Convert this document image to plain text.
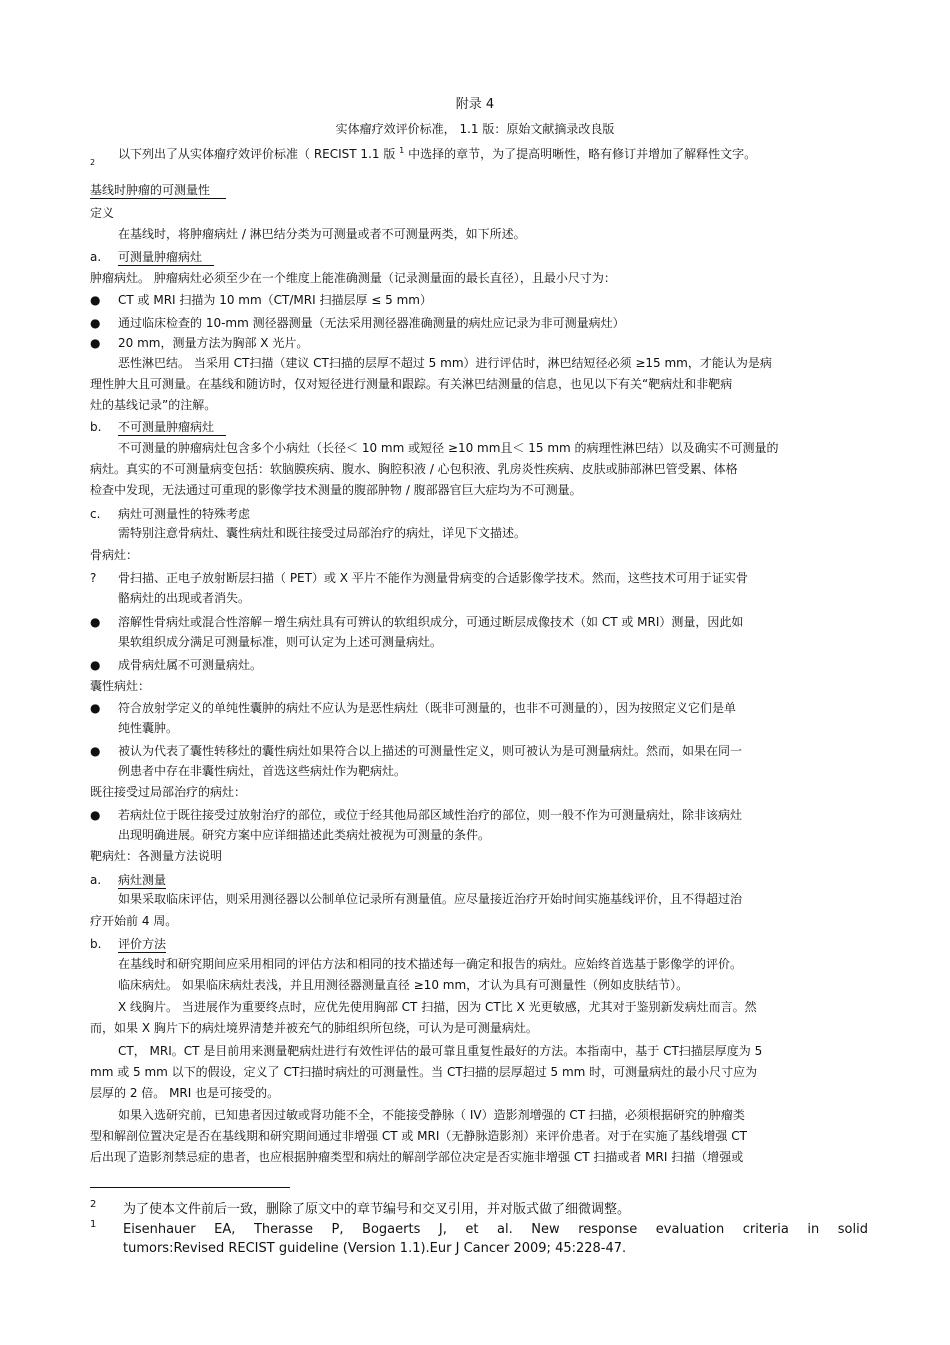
附录 4
实体瘤疗效评价标准， 1.1 版：原始文献摘录改良版
以下列出了从实体瘤疗效评价标准（ RECIST 1.1 版 $^1$ 中选择的章节，为了提高明晰性，略有修订并增加了解释性文字。
2
基线时肿瘤的可测量性
定义
在基线时，将肿瘤病灶 / 淋巴结分类为可测量或者不可测量两类，如下所述。
a. 可测量肿瘤病灶
肿瘤病灶。 肿瘤病灶必须至少在一个维度上能准确测量（记录测量面的最长直径），且最小尺寸为：
● CT 或 MRI 扫描为 10 mm（CT/MRI 扫描层厚 ≤ 5 mm）
● 通过临床检查的 10-mm 测径器测量（无法采用测径器准确测量的病灶应记录为非可测量病灶）
● 20 mm，测量方法为胸部 X 光片。
恶性淋巴结。 当采用 CT扫描（建议 CT扫描的层厚不超过 5 mm）进行评估时，淋巴结短径必须 ≥15 mm，才能认为是病
理性肿大且可测量。在基线和随访时，仅对短径进行测量和跟踪。有关淋巴结测量的信息，也见以下有关“靶病灶和非靶病
灶的基线记录”的注解。
b. 不可测量肿瘤病灶
不可测量的肿瘤病灶包含多个小病灶（长径＜ 10 mm 或短径 ≥10 mm且＜ 15 mm 的病理性淋巴结）以及确实不可测量的
病灶。真实的不可测量病变包括：软脑膜疾病、腹水、胸腔积液 / 心包积液、乳房炎性疾病、皮肤或肺部淋巴管受累、体格
检查中发现，无法通过可重现的影像学技术测量的腹部肿物 / 腹部器官巨大症均为不可测量。
c. 病灶可测量性的特殊考虑
需特别注意骨病灶、囊性病灶和既往接受过局部治疗的病灶，详见下文描述。
骨病灶：
? 骨扫描、正电子放射断层扫描（ PET）或 X 平片不能作为测量骨病变的合适影像学技术。然而，这些技术可用于证实骨
骼病灶的出现或者消失。
● 溶解性骨病灶或混合性溶解－增生病灶具有可辨认的软组织成分，可通过断层成像技术（如 CT 或 MRI）测量，因此如
果软组织成分满足可测量标准，则可认定为上述可测量病灶。
● 成骨病灶属不可测量病灶。
囊性病灶：
● 符合放射学定义的单纯性囊肿的病灶不应认为是恶性病灶（既非可测量的，也非不可测量的），因为按照定义它们是单
纯性囊肿。
● 被认为代表了囊性转移灶的囊性病灶如果符合以上描述的可测量性定义，则可被认为是可测量病灶。然而，如果在同一
例患者中存在非囊性病灶，首选这些病灶作为靶病灶。
既往接受过局部治疗的病灶：
● 若病灶位于既往接受过放射治疗的部位，或位于经其他局部区域性治疗的部位，则一般不作为可测量病灶，除非该病灶
出现明确进展。研究方案中应详细描述此类病灶被视为可测量的条件。
靶病灶：各测量方法说明
a. 病灶测量
如果采取临床评估，则采用测径器以公制单位记录所有测量值。应尽量接近治疗开始时间实施基线评价，且不得超过治
疗开始前 4 周。
b. 评价方法
在基线时和研究期间应采用相同的评估方法和相同的技术描述每一确定和报告的病灶。应始终首选基于影像学的评价。
临床病灶。 如果临床病灶表浅，并且用测径器测量直径 ≥10 mm，才认为具有可测量性（例如皮肤结节）。
X 线胸片。 当进展作为重要终点时，应优先使用胸部 CT 扫描，因为 CT比 X 光更敏感，尤其对于鉴别新发病灶而言。然
而，如果 X 胸片下的病灶境界清楚并被充气的肺组织所包绕，可认为是可测量病灶。
CT， MRI。CT 是目前用来测量靶病灶进行有效性评估的最可靠且重复性最好的方法。本指南中，基于 CT扫描层厚度为 5
mm 或 5 mm 以下的假设，定义了 CT扫描时病灶的可测量性。当 CT扫描的层厚超过 5 mm 时，可测量病灶的最小尺寸应为
层厚的 2 倍。 MRI 也是可接受的。
如果入选研究前，已知患者因过敏或肾功能不全，不能接受静脉（ IV）造影剂增强的 CT 扫描，必须根据研究的肿瘤类
型和解剖位置决定是否在基线期和研究期间通过非增强 CT 或 MRI（无静脉造影剂）来评价患者。对于在实施了基线增强 CT
后出现了造影剂禁忌症的患者，也应根据肿瘤类型和病灶的解剖学部位决定是否实施非增强 CT 扫描或者 MRI 扫描（增强或
2 为了使本文件前后一致，删除了原文中的章节编号和交叉引用，并对版式做了细微调整。
1 Eisenhauer EA, Therasse P, Bogaerts J, et al. New response evaluation criteria in solid
tumors:Revised RECIST guideline (Version 1.1).Eur J Cancer 2009; 45:228-47.
